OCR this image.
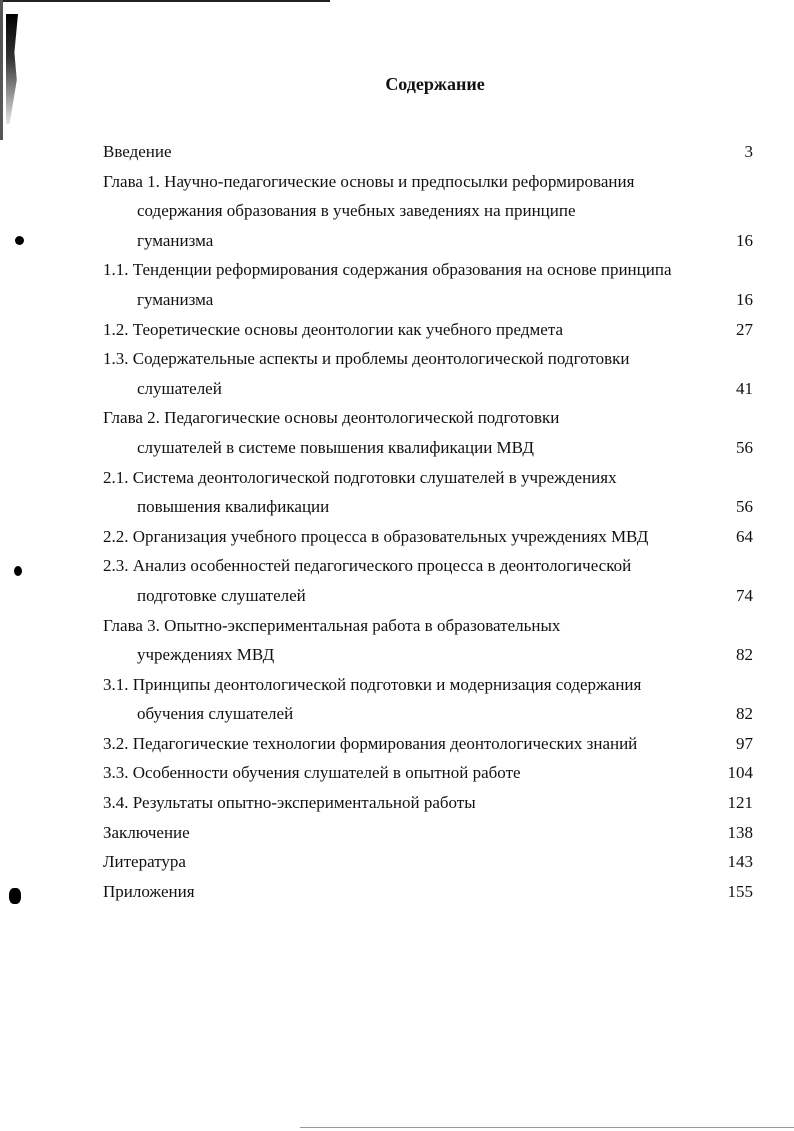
Содержание
Введение	3
Глава 1. Научно-педагогические основы и предпосылки реформирования
содержания образования в учебных заведениях на принципе
гуманизма	16
1.1. Тенденции реформирования содержания образования на основе принципа
гуманизма	16
1.2. Теоретические основы деонтологии как учебного предмета	27
1.3. Содержательные аспекты и проблемы деонтологической подготовки
слушателей	41
Глава 2. Педагогические основы деонтологической подготовки
слушателей в системе повышения квалификации МВД	56
2.1. Система деонтологической подготовки слушателей в учреждениях
повышения квалификации	56
2.2. Организация учебного процесса в образовательных учреждениях МВД	64
2.3. Анализ особенностей педагогического процесса в деонтологической
подготовке слушателей	74
Глава 3. Опытно-экспериментальная работа в образовательных
учреждениях МВД	82
3.1. Принципы деонтологической подготовки и модернизация содержания
обучения слушателей	82
3.2. Педагогические технологии формирования деонтологических знаний	97
3.3. Особенности обучения слушателей в опытной работе	104
3.4. Результаты опытно-экспериментальной работы	121
Заключение	138
Литература	143
Приложения	155
